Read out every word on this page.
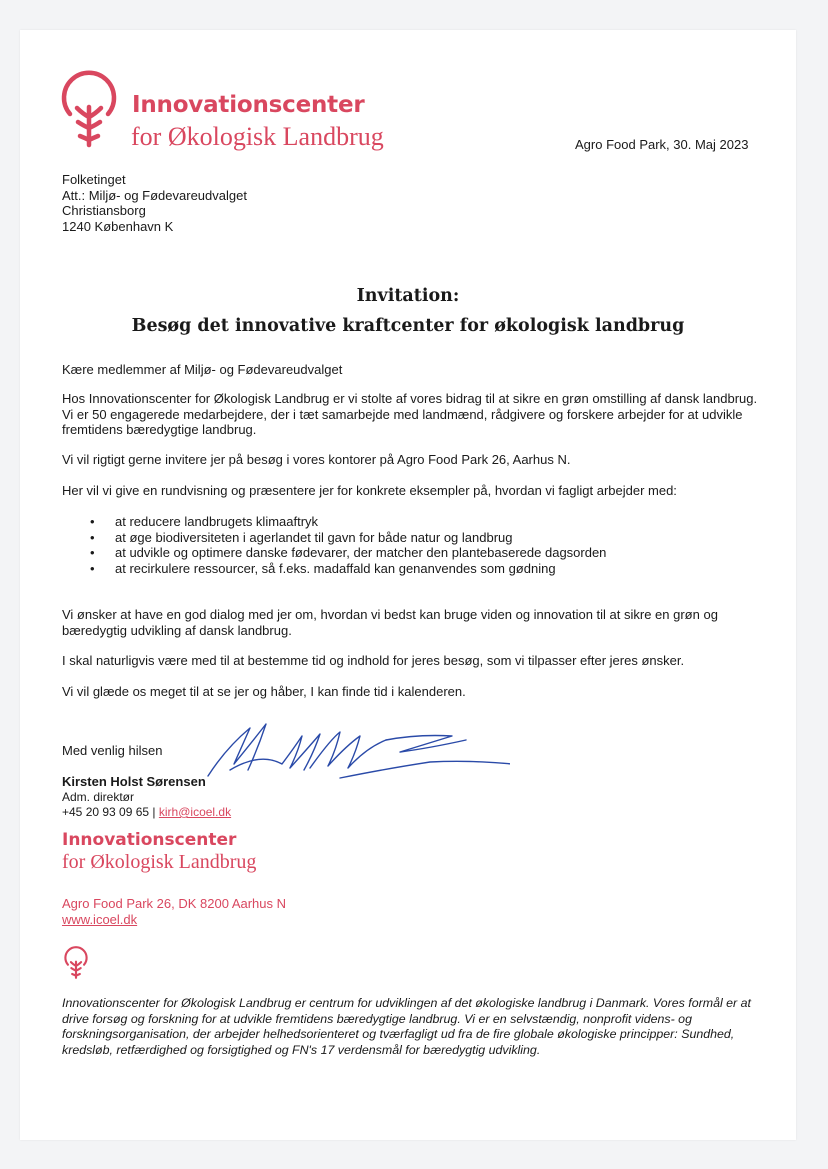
Innovationscenter
for Økologisk Landbrug	Agro Food Park, 30. Maj 2023
Folketinget
Att.: Miljø- og Fødevareudvalget
Christiansborg
1240 København K
Invitation:
Besøg det innovative kraftcenter for økologisk landbrug
Kære medlemmer af Miljø- og Fødevareudvalget
Hos Innovationscenter for Økologisk Landbrug er vi stolte af vores bidrag til at sikre en grøn omstilling af dansk landbrug. Vi er 50 engagerede medarbejdere, der i tæt samarbejde med landmænd, rådgivere og forskere arbejder for at udvikle fremtidens bæredygtige landbrug.
Vi vil rigtigt gerne invitere jer på besøg i vores kontorer på Agro Food Park 26, Aarhus N.
Her vil vi give en rundvisning og præsentere jer for konkrete eksempler på, hvordan vi fagligt arbejder med:
• at reducere landbrugets klimaaftryk
• at øge biodiversiteten i agerlandet til gavn for både natur og landbrug
• at udvikle og optimere danske fødevarer, der matcher den plantebaserede dagsorden
• at recirkulere ressourcer, så f.eks. madaffald kan genanvendes som gødning
Vi ønsker at have en god dialog med jer om, hvordan vi bedst kan bruge viden og innovation til at sikre en grøn og bæredygtig udvikling af dansk landbrug.
I skal naturligvis være med til at bestemme tid og indhold for jeres besøg, som vi tilpasser efter jeres ønsker.
Vi vil glæde os meget til at se jer og håber, I kan finde tid i kalenderen.
Med venlig hilsen
Kirsten Holst Sørensen
Adm. direktør
+45 20 93 09 65 | kirh@icoel.dk
Innovationscenter
for Økologisk Landbrug
Agro Food Park 26, DK 8200 Aarhus N
www.icoel.dk
Innovationscenter for Økologisk Landbrug er centrum for udviklingen af det økologiske landbrug i Danmark. Vores formål er at drive forsøg og forskning for at udvikle fremtidens bæredygtige landbrug. Vi er en selvstændig, nonprofit videns- og forskningsorganisation, der arbejder helhedsorienteret og tværfagligt ud fra de fire globale økologiske principper: Sundhed, kredsløb, retfærdighed og forsigtighed og FN's 17 verdensmål for bæredygtig udvikling.
